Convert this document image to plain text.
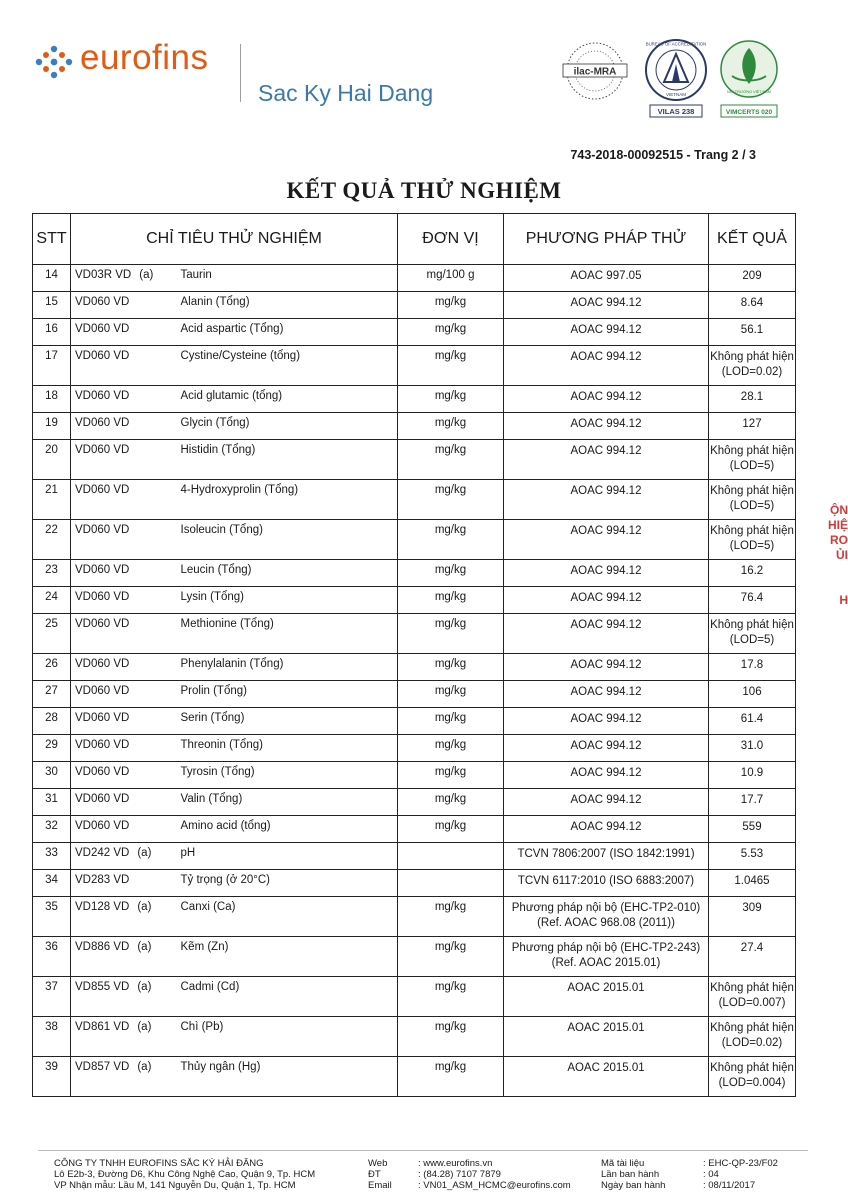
eurofins
Sac Ky Hai Dang
ilac-MRA
BUREAU OF ACCREDITATION
VIETNAM
VILAS 238
NỘI TRƯỜNG VIỆT NAM
VIMCERTS 020
743-2018-00092515 - Trang 2 / 3
KẾT QUẢ THỬ NGHIỆM
STT	CHỈ TIÊU THỬ NGHIỆM		ĐƠN VỊ	PHƯƠNG PHÁP THỬ	KẾT QUẢ
14	VD03R VD (a)	Taurin	mg/100 g	AOAC 997.05	209

15	VD060 VD	Alanin (Tổng)	mg/kg	AOAC 994.12	8.64

16	VD060 VD	Acid aspartic (Tổng)	mg/kg	AOAC 994.12	56.1

17	VD060 VD	Cystine/Cysteine (tổng)	mg/kg	AOAC 994.12	Không phát hiện
(LOD=0.02)

18	VD060 VD	Acid glutamic (tổng)	mg/kg	AOAC 994.12	28.1

19	VD060 VD	Glycin (Tổng)	mg/kg	AOAC 994.12	127

20	VD060 VD	Histidin (Tổng)	mg/kg	AOAC 994.12	Không phát hiện
(LOD=5)

21	VD060 VD	4-Hydroxyprolin (Tổng)	mg/kg	AOAC 994.12	Không phát hiện
(LOD=5)

22	VD060 VD	Isoleucin (Tổng)	mg/kg	AOAC 994.12	Không phát hiện
(LOD=5)

23	VD060 VD	Leucin (Tổng)	mg/kg	AOAC 994.12	16.2

24	VD060 VD	Lysin (Tổng)	mg/kg	AOAC 994.12	76.4

25	VD060 VD	Methionine (Tổng)	mg/kg	AOAC 994.12	Không phát hiện
(LOD=5)

26	VD060 VD	Phenylalanin (Tổng)	mg/kg	AOAC 994.12	17.8

27	VD060 VD	Prolin (Tổng)	mg/kg	AOAC 994.12	106

28	VD060 VD	Serin (Tổng)	mg/kg	AOAC 994.12	61.4

29	VD060 VD	Threonin (Tổng)	mg/kg	AOAC 994.12	31.0

30	VD060 VD	Tyrosin (Tổng)	mg/kg	AOAC 994.12	10.9

31	VD060 VD	Valin (Tổng)	mg/kg	AOAC 994.12	17.7

32	VD060 VD	Amino acid (tổng)	mg/kg	AOAC 994.12	559

33	VD242 VD (a)	pH		TCVN 7806:2007 (ISO 1842:1991)	5.53

34	VD283 VD	Tỷ trọng (ở 20°C)		TCVN 6117:2010 (ISO 6883:2007)	1.0465

35	VD128 VD (a)	Canxi (Ca)	mg/kg	Phương pháp nội bộ (EHC-TP2-010)
(Ref. AOAC 968.08 (2011))	309

36	VD886 VD (a)	Kẽm (Zn)	mg/kg	Phương pháp nội bộ (EHC-TP2-243)
(Ref. AOAC 2015.01)	27.4

37	VD855 VD (a)	Cadmi (Cd)	mg/kg	AOAC 2015.01	Không phát hiện
(LOD=0.007)

38	VD861 VD (a)	Chì (Pb)	mg/kg	AOAC 2015.01	Không phát hiện
(LOD=0.02)

39	VD857 VD (a)	Thủy ngân (Hg)	mg/kg	AOAC 2015.01	Không phát hiện
(LOD=0.004)
ỘN
HIỆ
RO
ỦI
H
CÔNG TY TNHH EUROFINS SẮC KÝ HẢI ĐĂNG
Lô E2b-3, Đường D6, Khu Công Nghệ Cao, Quận 9, Tp. HCM
VP Nhận mẫu: Lầu M, 141 Nguyễn Du, Quận 1, Tp. HCM
Web
ĐT
Email
: www.eurofins.vn
: (84.28) 7107 7879
: VN01_ASM_HCMC@eurofins.com
Mã tài liệu
Lần ban hành
Ngày ban hành
: EHC-QP-23/F02
: 04
: 08/11/2017
